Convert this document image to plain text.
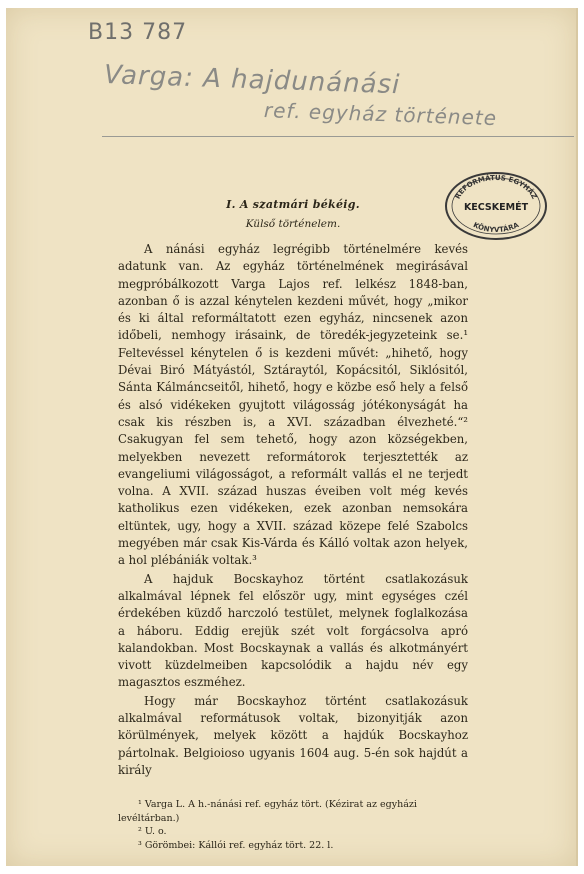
B13 787
Varga: A hajdunánási
ref. egyház története
REFORMÁTUS EGYHÁZ
KECSKEMÉT
KÖNYVTÁRA
I. A szatmári békéig.
Külső történelem.

A nánási egyház legrégibb történelmére kevés adatunk van. Az egyház történelmének megirásával megpróbálkozott Varga Lajos ref. lelkész 1848-ban, azonban ő is azzal kénytelen kezdeni művét, hogy „mikor és ki által reformáltatott ezen egyház, nincsenek azon időbeli, nemhogy irásaink, de töredék-jegyzeteink se.¹ Feltevéssel kénytelen ő is kezdeni művét: „hihető, hogy Dévai Biró Mátyástól, Sztáraytól, Kopácsitól, Siklósitól, Sánta Kálmáncseitől, hihető, hogy e közbe eső hely a felső és alsó vidékeken gyujtott világosság jótékonyságát ha csak kis részben is, a XVI. században élvezheté.“² Csakugyan fel sem tehető, hogy azon községekben, melyekben nevezett reformátorok terjesztették az evangeliumi világosságot, a reformált vallás el ne terjedt volna. A XVII. század huszas éveiben volt még kevés katholikus ezen vidékeken, ezek azonban nemsokára eltüntek, ugy, hogy a XVII. század közepe felé Szabolcs megyében már csak Kis-Várda és Kálló voltak azon helyek, a hol plébániák voltak.³

A hajduk Bocskayhoz történt csatlakozásuk alkalmával lépnek fel először ugy, mint egységes czél érdekében küzdő harczoló testület, melynek foglalkozása a háboru. Eddig erejük szét volt forgácsolva apró kalandokban. Most Bocskaynak a vallás és alkotmányért vivott küzdelmeiben kapcsolódik a hajdu név egy magasztos eszméhez.

Hogy már Bocskayhoz történt csatlakozásuk alkalmával reformátusok voltak, bizonyitják azon körülmények, melyek között a hajdúk Bocskayhoz pártolnak. Belgioioso ugyanis 1604 aug. 5-én sok hajdút a király

¹ Varga L. A h.-nánási ref. egyház tört. (Kézirat az egyházi levéltárban.)
² U. o.
³ Görömbei: Kállói ref. egyház tört. 22. l.
